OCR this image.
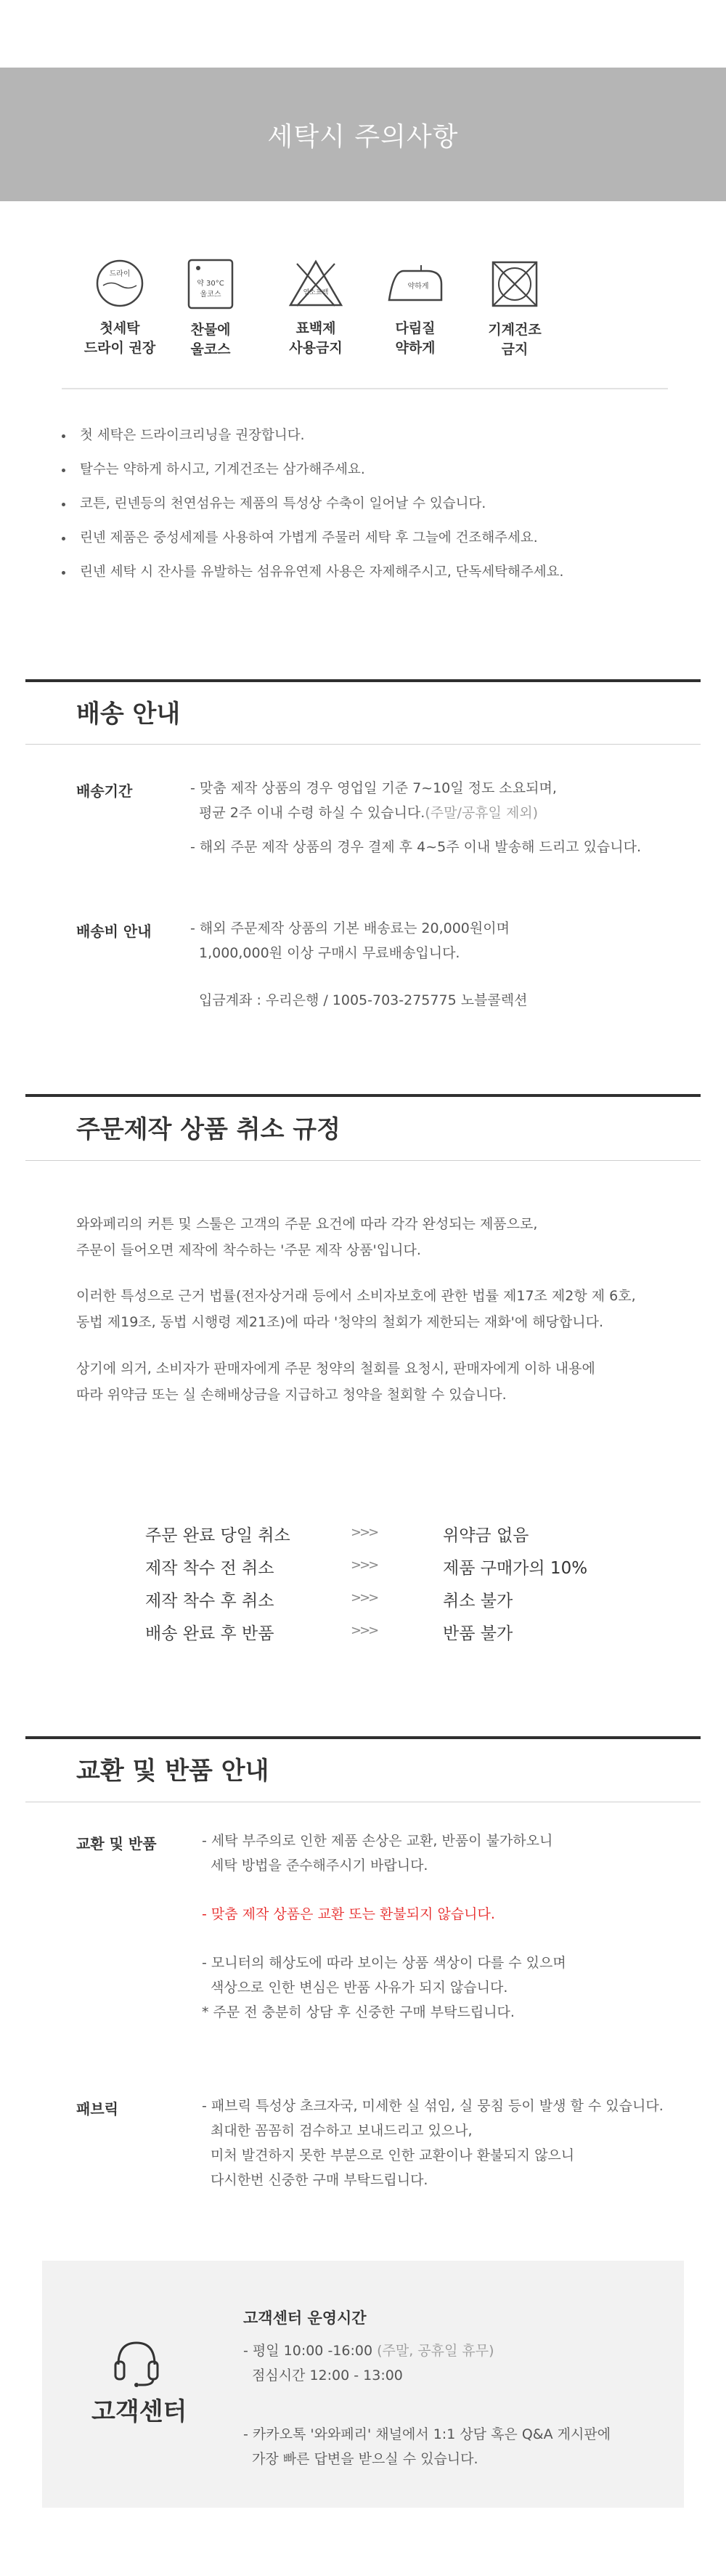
세탁시 주의사항
드라이
첫세탁
드라이 권장
약 30°C
울코스
찬물에
울코스
염소표백
표백제
사용금지
약하게
다림질
약하게
기계건조
금지
첫 세탁은 드라이크리닝을 권장합니다.
탈수는 약하게 하시고, 기계건조는 삼가해주세요.
코튼, 린넨등의 천연섬유는 제품의 특성상 수축이 일어날 수 있습니다.
린넨 제품은 중성세제를 사용하여 가볍게 주물러 세탁 후 그늘에 건조해주세요.
린넨 세탁 시 잔사를 유발하는 섬유유연제 사용은 자제해주시고, 단독세탁해주세요.
배송 안내
배송기간	- 맞춤 제작 상품의 경우 영업일 기준 7~10일 정도 소요되며,
평균 2주 이내 수령 하실 수 있습니다.(주말/공휴일 제외)
- 해외 주문 제작 상품의 경우 결제 후 4~5주 이내 발송해 드리고 있습니다.
배송비 안내	- 해외 주문제작 상품의 기본 배송료는 20,000원이며
1,000,000원 이상 구매시 무료배송입니다.
입금계좌 : 우리은행 / 1005-703-275775 노블콜렉션
주문제작 상품 취소 규정
와와페리의 커튼 및 스툴은 고객의 주문 요건에 따라 각각 완성되는 제품으로,
주문이 들어오면 제작에 착수하는 '주문 제작 상품'입니다.
이러한 특성으로 근거 법률(전자상거래 등에서 소비자보호에 관한 법률 제17조 제2항 제 6호,
동법 제19조, 동법 시행령 제21조)에 따라 '청약의 철회가 제한되는 재화'에 해당합니다.
상기에 의거, 소비자가 판매자에게 주문 청약의 철회를 요청시, 판매자에게 이하 내용에
따라 위약금 또는 실 손해배상금을 지급하고 청약을 철회할 수 있습니다.
주문 완료 당일 취소	>>>	위약금 없음
제작 착수 전 취소	>>>	제품 구매가의 10%
제작 착수 후 취소	>>>	취소 불가
배송 완료 후 반품	>>>	반품 불가
교환 및 반품 안내
교환 및 반품	- 세탁 부주의로 인한 제품 손상은 교환, 반품이 불가하오니
세탁 방법을 준수해주시기 바랍니다.
- 맞춤 제작 상품은 교환 또는 환불되지 않습니다.
- 모니터의 해상도에 따라 보이는 상품 색상이 다를 수 있으며
색상으로 인한 변심은 반품 사유가 되지 않습니다.
* 주문 전 충분히 상담 후 신중한 구매 부탁드립니다.
패브릭	- 패브릭 특성상 초크자국, 미세한 실 섞임, 실 뭉침 등이 발생 할 수 있습니다.
최대한 꼼꼼히 검수하고 보내드리고 있으나,
미처 발견하지 못한 부분으로 인한 교환이나 환불되지 않으니
다시한번 신중한 구매 부탁드립니다.
고객센터
고객센터 운영시간
- 평일 10:00 -16:00 (주말, 공휴일 휴무)
점심시간 12:00 - 13:00
- 카카오톡 '와와페리' 채널에서 1:1 상담 혹은 Q&A 게시판에
가장 빠른 답변을 받으실 수 있습니다.
